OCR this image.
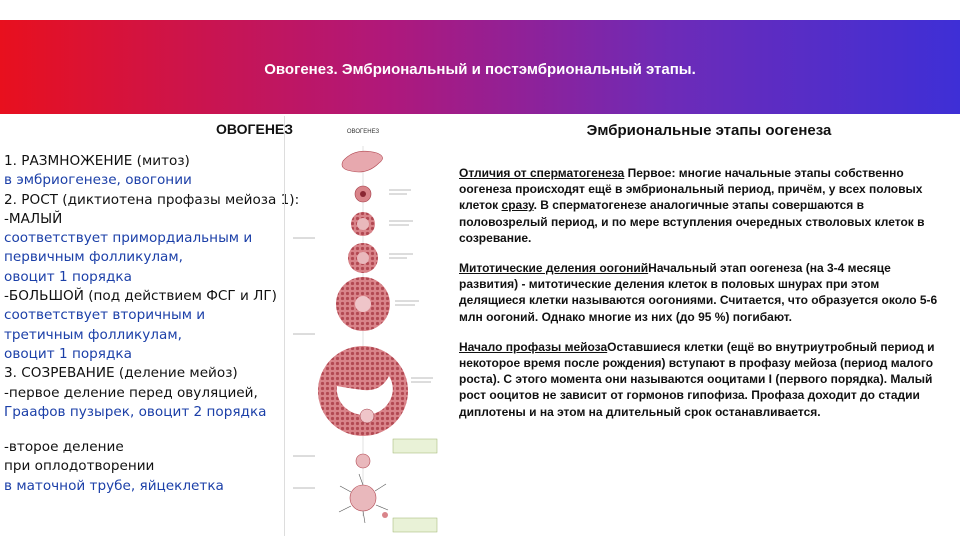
Овогенез. Эмбриональный и постэмбриональный этапы.
ОВОГЕНЕЗ
1. РАЗМНОЖЕНИЕ (митоз)
в эмбриогенезе, овогонии
2. РОСТ (диктиотена профазы мейоза 1):
-МАЛЫЙ
соответствует примордиальным и
первичным фолликулам,
овоцит 1 порядка
-БОЛЬШОЙ (под действием ФСГ и ЛГ)
соответствует вторичным и
третичным фолликулам,
овоцит 1 порядка
3. СОЗРЕВАНИЕ (деление мейоз)
-первое деление перед овуляцией,
Граафов пузырек, овоцит 2 порядка
-второе деление
при оплодотворении
в маточной трубе, яйцеклетка
ОВОГЕНЕЗ	Эмбриональные этапы оогенеза

Отличия от сперматогенеза Первое: многие начальные этапы собственно оогенеза происходят ещё в эмбриональный период, причём, у всех половых клеток сразу. В сперматогенезе аналогичные этапы совершаются в половозрелый период, и по мере вступления очередных стволовых клеток в созревание.

Митотические деления оогонийНачальный этап оогенеза (на 3-4 месяце развития) - митотические деления клеток в половых шнурах при этом делящиеся клетки называются оогониями. Считается, что образуется около 5-6 млн оогоний. Однако многие из них (до 95 %) погибают.

Начало профазы мейозаОставшиеся клетки (ещё во внутриутробный период и некоторое время после рождения) вступают в профазу мейоза (период малого роста). С этого момента они называются ооцитами I (первого порядка). Малый рост ооцитов не зависит от гормонов гипофиза. Профаза доходит до стадии диплотены и на этом на длительный срок останавливается.
